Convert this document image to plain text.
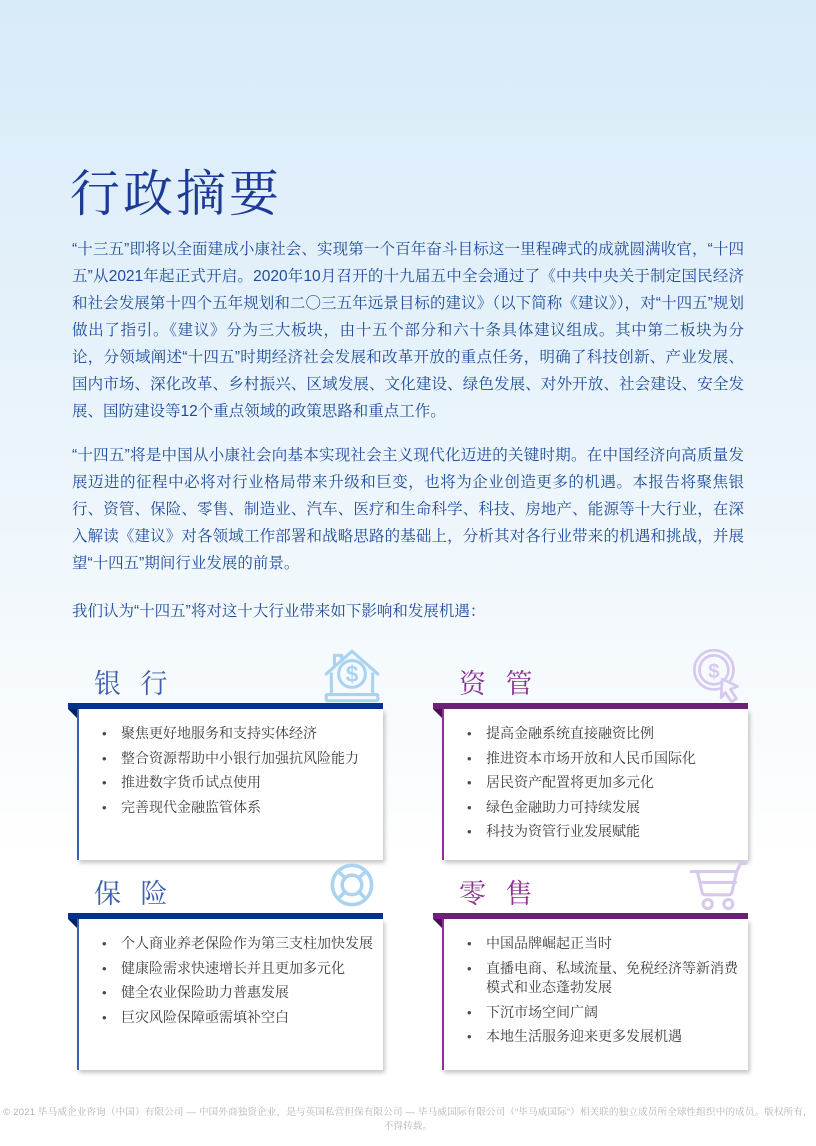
行政摘要

“十三五”即将以全面建成小康社会、实现第一个百年奋斗目标这一里程碑式的成就圆满收官，“十四五”从2021年起正式开启。2020年10月召开的十九届五中全会通过了《中共中央关于制定国民经济和社会发展第十四个五年规划和二〇三五年远景目标的建议》（以下简称《建议》），对“十四五”规划做出了指引。《建议》分为三大板块，由十五个部分和六十条具体建议组成。其中第二板块为分论，分领域阐述“十四五”时期经济社会发展和改革开放的重点任务，明确了科技创新、产业发展、国内市场、深化改革、乡村振兴、区域发展、文化建设、绿色发展、对外开放、社会建设、安全发展、国防建设等12个重点领域的政策思路和重点工作。

“十四五”将是中国从小康社会向基本实现社会主义现代化迈进的关键时期。在中国经济向高质量发展迈进的征程中必将对行业格局带来升级和巨变，也将为企业创造更多的机遇。本报告将聚焦银行、资管、保险、零售、制造业、汽车、医疗和生命科学、科技、房地产、能源等十大行业，在深入解读《建议》对各领域工作部署和战略思路的基础上，分析其对各行业带来的机遇和挑战，并展望“十四五”期间行业发展的前景。

我们认为“十四五”将对这十大行业带来如下影响和发展机遇：

银 行	$
• 聚焦更好地服务和支持实体经济
• 整合资源帮助中小银行加强抗风险能力
• 推进数字货币试点使用
• 完善现代金融监管体系
资 管	$
• 提高金融系统直接融资比例
• 推进资本市场开放和人民币国际化
• 居民资产配置将更加多元化
• 绿色金融助力可持续发展
• 科技为资管行业发展赋能
保 险
• 个人商业养老保险作为第三支柱加快发展
• 健康险需求快速增长并且更加多元化
• 健全农业保险助力普惠发展
• 巨灾风险保障亟需填补空白
零 售
• 中国品牌崛起正当时
• 直播电商、私域流量、免税经济等新消费模式和业态蓬勃发展
• 下沉市场空间广阔
• 本地生活服务迎来更多发展机遇
© 2021 毕马威企业咨询（中国）有限公司 — 中国外商独资企业，是与英国私营担保有限公司 — 毕马威国际有限公司（“毕马威国际”）相关联的独立成员所全球性组织中的成员。版权所有，不得转载。
